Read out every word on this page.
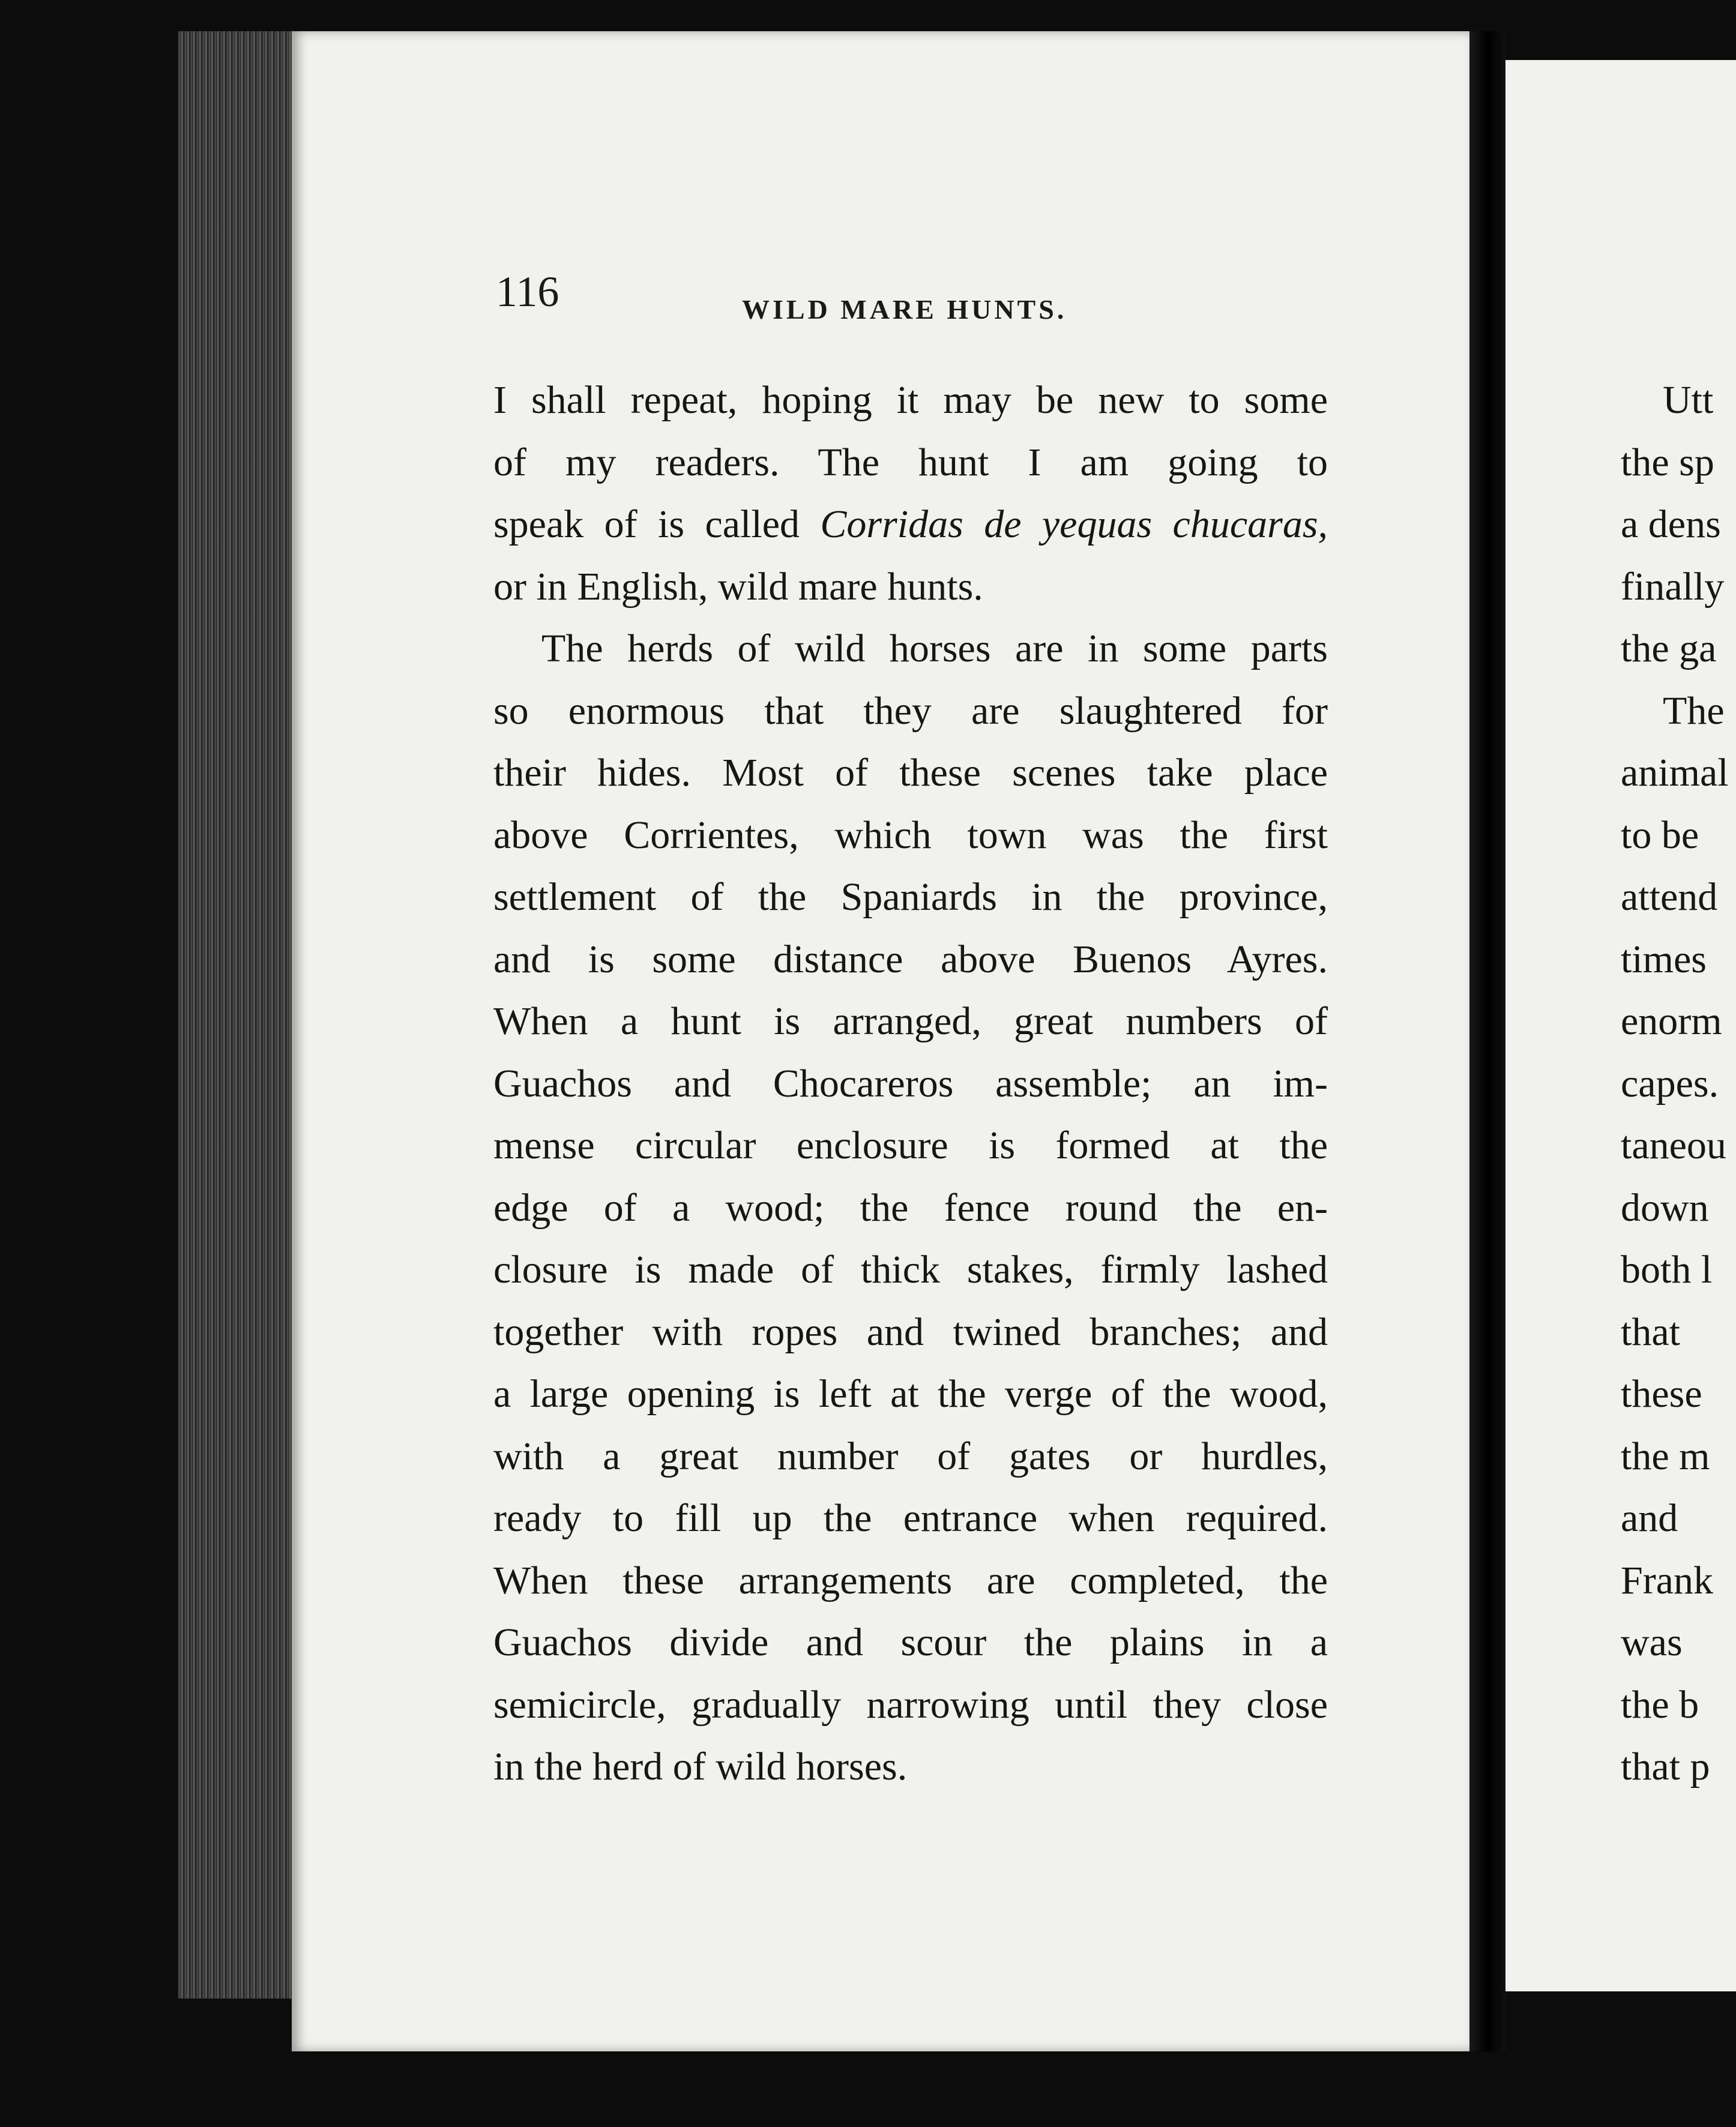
116	WILD MARE HUNTS.
I shall repeat, hoping it may be new to some
of my readers. The hunt I am going to
speak of is called Corridas de yequas chucaras,
or in English, wild mare hunts.
The herds of wild horses are in some parts
so enormous that they are slaughtered for
their hides. Most of these scenes take place
above Corrientes, which town was the first
settlement of the Spaniards in the province,
and is some distance above Buenos Ayres.
When a hunt is arranged, great numbers of
Guachos and Chocareros assemble; an im-
mense circular enclosure is formed at the
edge of a wood; the fence round the en-
closure is made of thick stakes, firmly lashed
together with ropes and twined branches; and
a large opening is left at the verge of the wood,
with a great number of gates or hurdles,
ready to fill up the entrance when required.
When these arrangements are completed, the
Guachos divide and scour the plains in a
semicircle, gradually narrowing until they close
in the herd of wild horses.
Utt
the sp
a dens
finally
the ga
The
animal
to be
attend
times
enorm
capes.
taneou
down
both l
that
these
the m
and
Frank
was
the b
that p
